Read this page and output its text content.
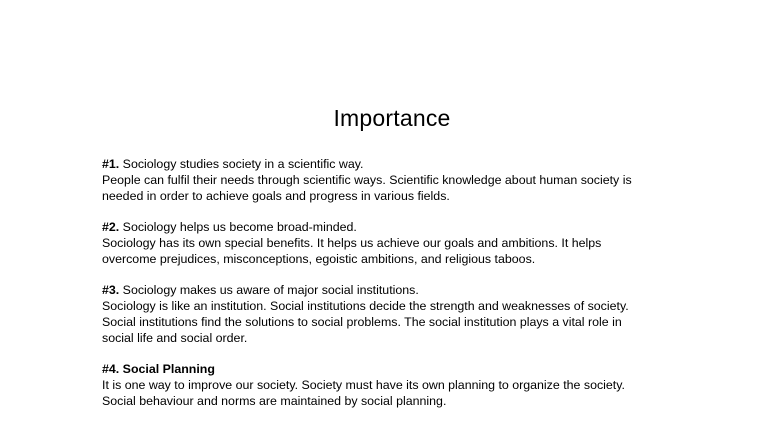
Importance

#1. Sociology studies society in a scientific way.

People can fulfil their needs through scientific ways. Scientific knowledge about human society is

needed in order to achieve goals and progress in various fields.

#2. Sociology helps us become broad-minded.

Sociology has its own special benefits. It helps us achieve our goals and ambitions. It helps

overcome prejudices, misconceptions, egoistic ambitions, and religious taboos.

#3. Sociology makes us aware of major social institutions.

Sociology is like an institution. Social institutions decide the strength and weaknesses of society.

Social institutions find the solutions to social problems. The social institution plays a vital role in

social life and social order.

#4. Social Planning

It is one way to improve our society. Society must have its own planning to organize the society.

Social behaviour and norms are maintained by social planning.
